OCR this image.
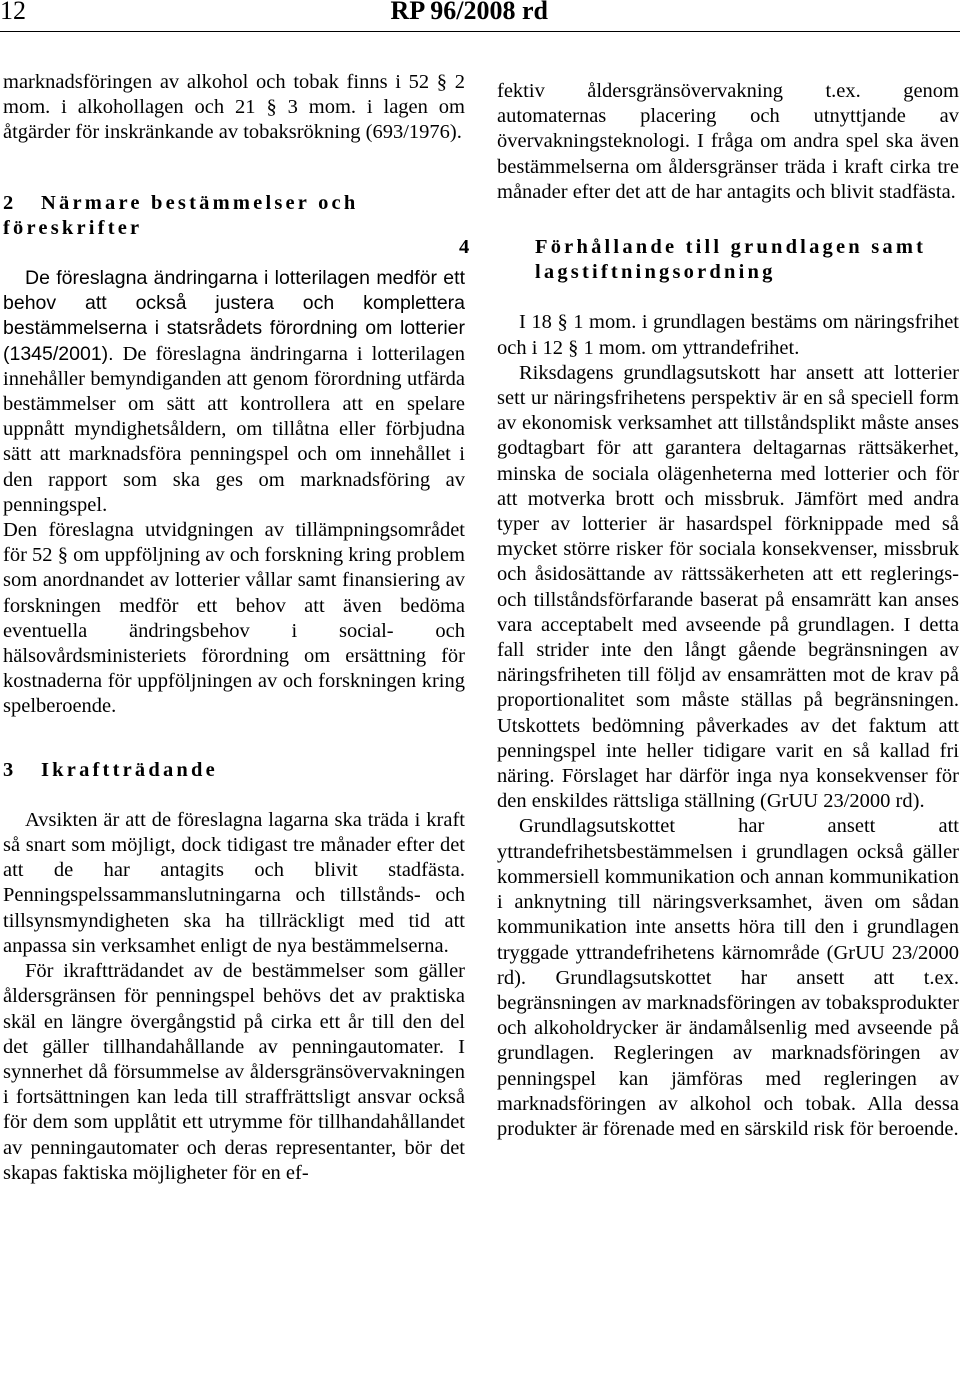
12	RP 96/2008 rd

marknadsföringen av alkohol och tobak finns i 52 § 2 mom. i alkohollagen och 21 § 3 mom. i lagen om åtgärder för inskränkande av tobaksrökning (693/1976).

2 Närmare bestämmelser och föreskrifter

De föreslagna ändringarna i lotterilagen medför ett behov att också justera och komplettera bestämmelserna i statsrådets förordning om lotterier (1345/2001). De föreslagna ändringarna i lotterilagen innehåller bemyndiganden att genom förordning utfärda bestämmelser om sätt att kontrollera att en spelare uppnått myndighetsåldern, om tillåtna eller förbjudna sätt att marknadsföra penningspel och om innehållet i den rapport som ska ges om marknadsföring av penningspel.

Den föreslagna utvidgningen av tillämpningsområdet för 52 § om uppföljning av och forskning kring problem som anordnandet av lotterier vållar samt finansiering av forskningen medför ett behov att även bedöma eventuella ändringsbehov i social- och hälsovårdsministeriets förordning om ersättning för kostnaderna för uppföljningen av och forskningen kring spelberoende.

3 Ikraftträdande

Avsikten är att de föreslagna lagarna ska träda i kraft så snart som möjligt, dock tidigast tre månader efter det att de har antagits och blivit stadfästa. Penningspelssammanslutningarna och tillstånds- och tillsynsmyndigheten ska ha tillräckligt med tid att anpassa sin verksamhet enligt de nya bestämmelserna.

För ikraftträdandet av de bestämmelser som gäller åldersgränsen för penningspel behövs det av praktiska skäl en längre övergångstid på cirka ett år till den del det gäller tillhandahållande av penningautomater. I synnerhet då försummelse av åldersgränsövervakningen i fortsättningen kan leda till straffrättsligt ansvar också för dem som upplåtit ett utrymme för tillhandahållandet av penningautomater och deras representanter, bör det skapas faktiska möjligheter för en ef-

fektiv åldersgränsövervakning t.ex. genom automaternas placering och utnyttjande av övervakningsteknologi. I fråga om andra spel ska även bestämmelserna om åldersgränser träda i kraft cirka tre månader efter det att de har antagits och blivit stadfästa.

4	Förhållande till grundlagen samt lagstiftningsordning

I 18 § 1 mom. i grundlagen bestäms om näringsfrihet och i 12 § 1 mom. om yttrandefrihet.

Riksdagens grundlagsutskott har ansett att lotterier sett ur näringsfrihetens perspektiv är en så speciell form av ekonomisk verksamhet att tillståndsplikt måste anses godtagbart för att garantera deltagarnas rättsäkerhet, minska de sociala olägenheterna med lotterier och för att motverka brott och missbruk. Jämfört med andra typer av lotterier är hasardspel förknippade med så mycket större risker för sociala konsekvenser, missbruk och åsidosättande av rättssäkerheten att ett reglerings- och tillståndsförfarande baserat på ensamrätt kan anses vara acceptabelt med avseende på grundlagen. I detta fall strider inte den långt gående begränsningen av näringsfriheten till följd av ensamrätten mot de krav på proportionalitet som måste ställas på begränsningen. Utskottets bedömning påverkades av det faktum att penningspel inte heller tidigare varit en så kallad fri näring. Förslaget har därför inga nya konsekvenser för den enskildes rättsliga ställning (GrUU 23/2000 rd).

Grundlagsutskottet har ansett att yttrandefrihetsbestämmelsen i grundlagen också gäller kommersiell kommunikation och annan kommunikation i anknytning till näringsverksamhet, även om sådan kommunikation inte ansetts höra till den i grundlagen tryggade yttrandefrihetens kärnområde (GrUU 23/2000 rd). Grundlagsutskottet har ansett att t.ex. begränsningen av marknadsföringen av tobaksprodukter och alkoholdrycker är ändamålsenlig med avseende på grundlagen. Regleringen av marknadsföringen av penningspel kan jämföras med regleringen av marknadsföringen av alkohol och tobak. Alla dessa produkter är förenade med en särskild risk för beroende.
